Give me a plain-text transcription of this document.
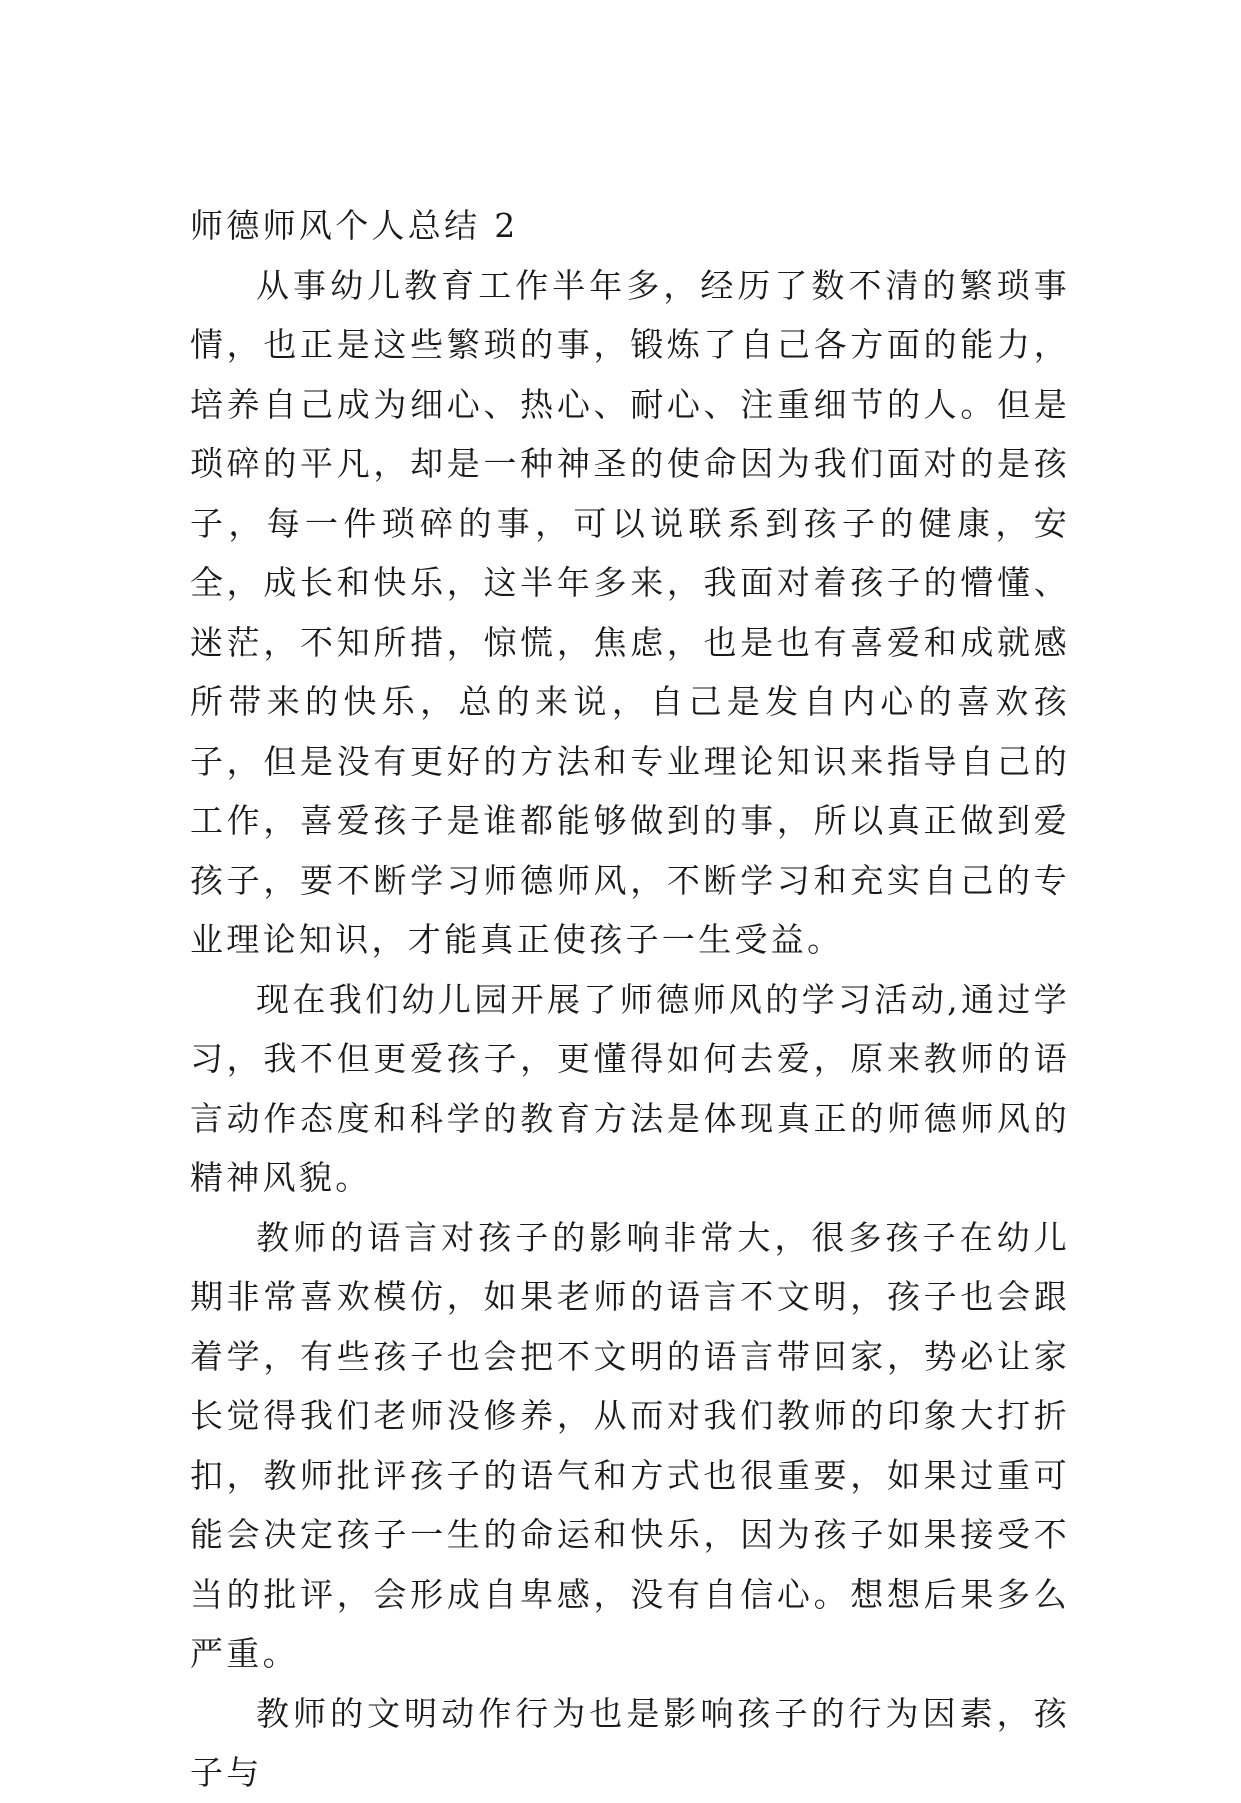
师德师风个人总结 2

从事幼儿教育工作半年多，经历了数不清的繁琐事情，也正是这些繁琐的事，锻炼了自己各方面的能力，培养自己成为细心、热心、耐心、注重细节的人。但是琐碎的平凡，却是一种神圣的使命因为我们面对的是孩子，每一件琐碎的事，可以说联系到孩子的健康，安全，成长和快乐，这半年多来，我面对着孩子的懵懂、迷茫，不知所措，惊慌，焦虑，也是也有喜爱和成就感所带来的快乐，总的来说，自己是发自内心的喜欢孩子，但是没有更好的方法和专业理论知识来指导自己的工作，喜爱孩子是谁都能够做到的事，所以真正做到爱孩子，要不断学习师德师风，不断学习和充实自己的专业理论知识，才能真正使孩子一生受益。

现在我们幼儿园开展了师德师风的学习活动,通过学习，我不但更爱孩子，更懂得如何去爱，原来教师的语言动作态度和科学的教育方法是体现真正的师德师风的精神风貌。

教师的语言对孩子的影响非常大，很多孩子在幼儿期非常喜欢模仿，如果老师的语言不文明，孩子也会跟着学，有些孩子也会把不文明的语言带回家，势必让家长觉得我们老师没修养，从而对我们教师的印象大打折扣，教师批评孩子的语气和方式也很重要，如果过重可能会决定孩子一生的命运和快乐，因为孩子如果接受不当的批评，会形成自卑感，没有自信心。想想后果多么严重。

教师的文明动作行为也是影响孩子的行为因素，孩子与
